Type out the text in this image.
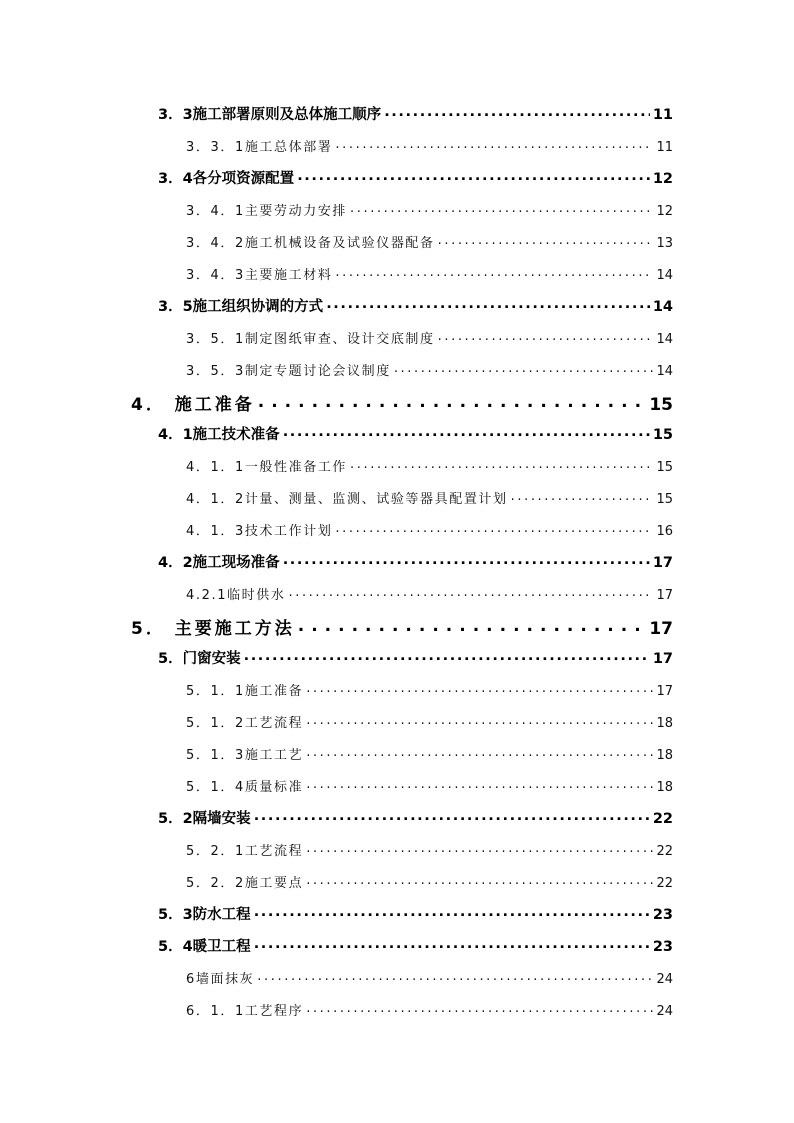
3．3施工部署原则及总体施工顺序 .....	11
3．3．1施工总体部署 .....	11
3．4各分项资源配置 .....	12
3．4．1主要劳动力安排 .....	12
3．4．2施工机械设备及试验仪器配备 .....	13
3．4．3主要施工材料 .....	14
3．5施工组织协调的方式 .....	14
3．5．1制定图纸审查、设计交底制度 .....	14
3．5．3制定专题讨论会议制度 .....	14
4． 施工准备 .....	15
4．1施工技术准备 .....	15
4．1．1一般性准备工作 .....	15
4．1．2计量、测量、监测、试验等器具配置计划 .....	15
4．1．3技术工作计划 .....	16
4．2施工现场准备 .....	17
4.2.1临时供水 .....	17
5． 主要施工方法 .....	17
5．门窗安装 .....	17
5．1．1施工准备 .....	17
5．1．2工艺流程 .....	18
5．1．3施工工艺 .....	18
5．1．4质量标准 .....	18
5．2隔墙安装 .....	22
5．2．1工艺流程 .....	22
5．2．2施工要点 .....	22
5．3防水工程 .....	23
5．4暖卫工程 .....	23
6墙面抹灰 .....	24
6．1．1工艺程序 .....	24
